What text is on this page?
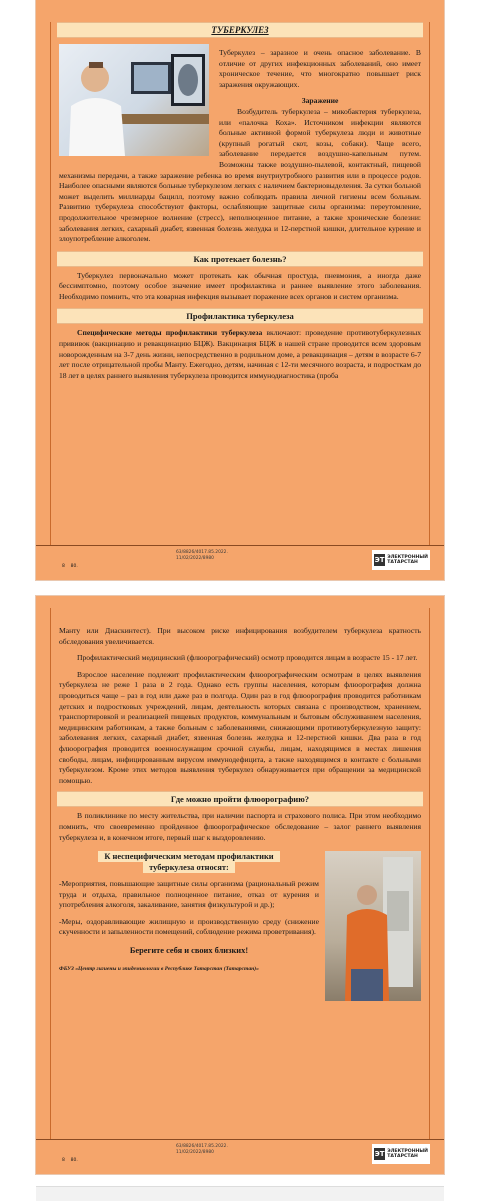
ТУБЕРКУЛЕЗ

Туберкулез – заразное и очень опасное заболевание. В отличие от других инфекционных заболеваний, оно имеет хроническое течение, что многократно повышает риск заражения окружающих.

Заражение

Возбудитель туберкулеза – микобактерия туберкулеза, или «палочка Коха». Источником инфекции являются больные активной формой туберкулеза люди и животные (крупный рогатый скот, козы, собаки). Чаще всего, заболевание передается воздушно-капельным путем. Возможны также воздушно-пылевой, контактный, пищевой механизмы передачи, а также заражение ребенка во время внутриутробного развития или в процессе родов. Наиболее опасными являются больные туберкулезом легких с наличием бактериовыделения. За сутки больной может выделить миллиарды бацилл, поэтому важно соблюдать правила личной гигиены всем больным. Развитию туберкулеза способствуют факторы, ослабляющие защитные силы организма: переутомление, продолжительное чрезмерное волнение (стресс), неполноценное питание, а также хронические болезни: заболевания легких, сахарный диабет, язвенная болезнь желудка и 12-перстной кишки, длительное курение и злоупотребление алкоголем.

Как протекает болезнь?

Туберкулез первоначально может протекать как обычная простуда, пневмония, а иногда даже бессимптомно, поэтому особое значение имеет профилактика и раннее выявление этого заболевания. Необходимо помнить, что эта коварная инфекция вызывает поражение всех органов и систем организма.

Профилактика туберкулеза

Специфические методы профилактики туберкулеза включают: проведение противотуберкулезных прививок (вакцинацию и ревакцинацию БЦЖ). Вакцинация БЦЖ в нашей стране проводится всем здоровым новорожденным на 3-7 день жизни, непосредственно в родильном доме, а ревакцинация – детям в возрасте 6-7 лет после отрицательной пробы Манту. Ежегодно, детям, начиная с 12-ти месячного возраста, и подросткам до 18 лет в целях раннего выявления туберкулеза проводится иммунодиагностика (проба

8 80.
63/8826/4017.85.2022.
11/02/2022/8980	ЭТ ЭЛЕКТРОННЫЙ
ТАТАРСТАН

Манту или Диаскинтест). При высоком риске инфицирования возбудителем туберкулеза кратность обследования увеличивается.

Профилактический медицинский (флюорографический) осмотр проводится лицам в возрасте 15 - 17 лет.

Взрослое население подлежит профилактическим флюорографическим осмотрам в целях выявления туберкулеза не реже 1 раза в 2 года. Однако есть группы населения, которым флюорография должна проводиться чаще – раз в год или даже раз в полгода. Один раз в год флюорография проводится работникам детских и подростковых учреждений, лицам, деятельность которых связана с производством, хранением, транспортировкой и реализацией пищевых продуктов, коммунальным и бытовым обслуживанием населения, медицинским работникам, а также больным с заболеваниями, снижающими противотуберкулезную защиту: заболевания легких, сахарный диабет, язвенная болезнь желудка и 12-перстной кишки. Два раза в год флюорография проводится военнослужащим срочной службы, лицам, находящимся в местах лишения свободы, лицам, инфицированным вирусом иммунодефицита, а также находящимся в контакте с больными туберкулезом. Кроме этих методов выявления туберкулез обнаруживается при обращении за медицинской помощью.

Где можно пройти флюорографию?

В поликлинике по месту жительства, при наличии паспорта и страхового полиса. При этом необходимо помнить, что своевременно пройденное флюорографическое обследование – залог раннего выявления туберкулеза и, в конечном итоге, первый шаг к выздоровлению.

К неспецифическим методам профилактики
туберкулеза относят:

-Мероприятия, повышающие защитные силы организма (рациональный режим труда и отдыха, правильное полноценное питание, отказ от курения и употребления алкоголя, закаливание, занятия физкультурой и др.);

-Меры, оздоравливающие жилищную и производственную среду (снижение скученности и запыленности помещений, соблюдение режима проветривания).

Берегите себя и своих близких!
ФБУЗ «Центр гигиены и эпидемиологии в Республике Татарстан (Татарстан)»
8 80.
63/8826/4017.85.2022.
11/02/2022/8980	ЭТ ЭЛЕКТРОННЫЙ
ТАТАРСТАН
